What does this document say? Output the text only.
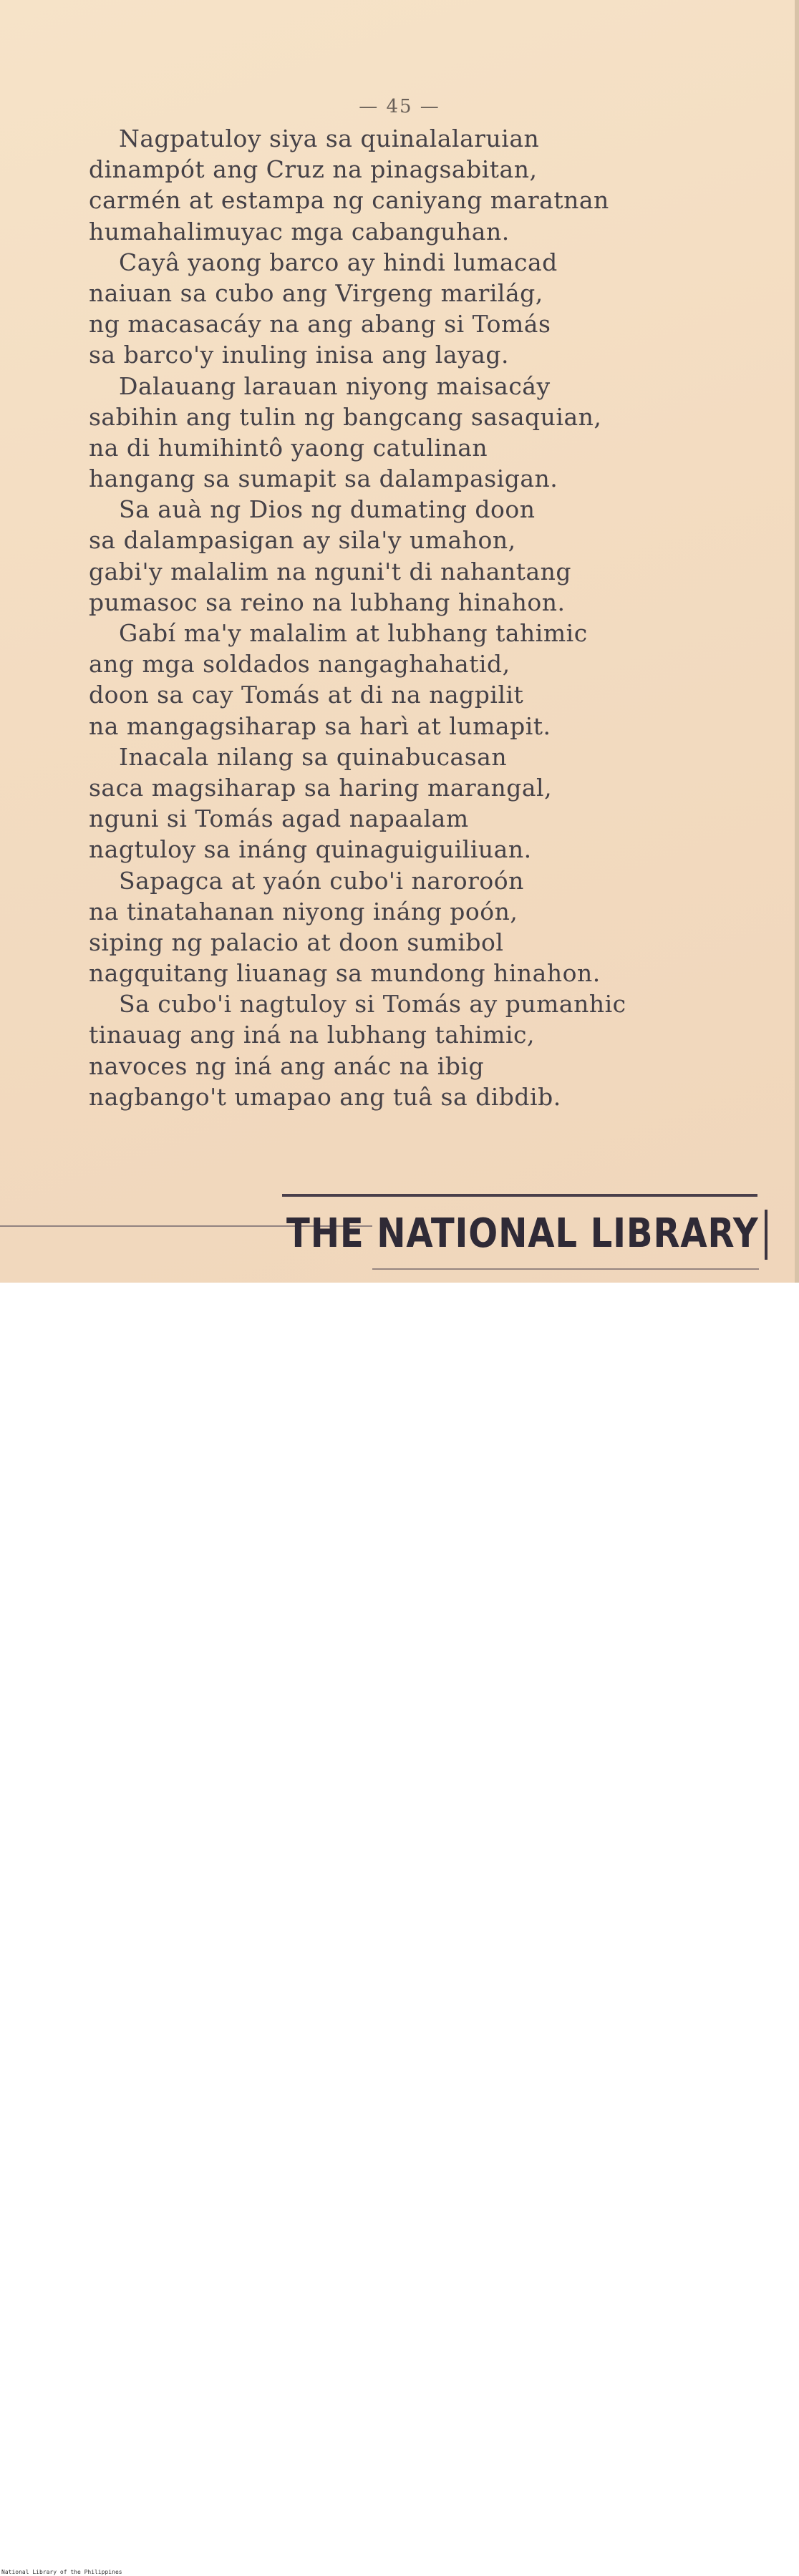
— 45 —
Nagpatuloy siya sa quinalalaruian
dinampót ang Cruz na pinagsabitan,
carmén at estampa ng caniyang maratnan
humahalimuyac mga cabanguhan.
Cayâ yaong barco ay hindi lumacad
naiuan sa cubo ang Virgeng marilág,
ng macasacáy na ang abang si Tomás
sa barco'y inuling inisa ang layag.
Dalauang larauan niyong maisacáy
sabihin ang tulin ng bangcang sasaquian,
na di humihintô yaong catulinan
hangang sa sumapit sa dalampasigan.
Sa auà ng Dios ng dumating doon
sa dalampasigan ay sila'y umahon,
gabi'y malalim na nguni't di nahantang
pumasoc sa reino na lubhang hinahon.
Gabí ma'y malalim at lubhang tahimic
ang mga soldados nangaghahatid,
doon sa cay Tomás at di na nagpilit
na mangagsiharap sa harì at lumapit.
Inacala nilang sa quinabucasan
saca magsiharap sa haring marangal,
nguni si Tomás agad napaalam
nagtuloy sa ináng quinaguiguiliuan.
Sapagca at yaón cubo'i naroroón
na tinatahanan niyong ináng poón,
siping ng palacio at doon sumibol
nagquitang liuanag sa mundong hinahon.
Sa cubo'i nagtuloy si Tomás ay pumanhic
tinauag ang iná na lubhang tahimic,
navoces ng iná ang anác na ibig
nagbango't umapao ang tuâ sa dibdib.
THE NATIONAL LIBRARY
National Library of the Philippines
